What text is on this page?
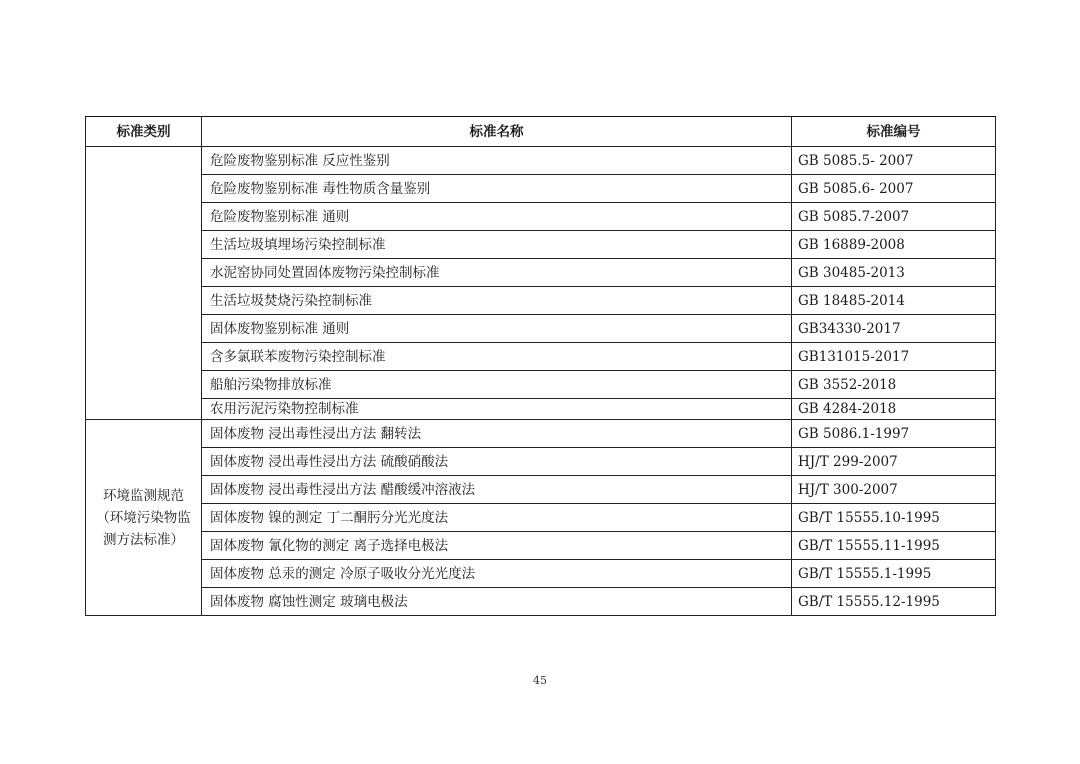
标准类别	标准名称	标准编号
	危险废物鉴别标准 反应性鉴别	GB 5085.5- 2007
	危险废物鉴别标准 毒性物质含量鉴别	GB 5085.6- 2007
	危险废物鉴别标准 通则	GB 5085.7-2007
	生活垃圾填埋场污染控制标准	GB 16889-2008
	水泥窑协同处置固体废物污染控制标准	GB 30485-2013
	生活垃圾焚烧污染控制标准	GB 18485-2014
	固体废物鉴别标准 通则	GB34330-2017
	含多氯联苯废物污染控制标准	GB131015-2017
	船舶污染物排放标准	GB 3552-2018
	农用污泥污染物控制标准	GB 4284-2018
环境监测规范（环境污染物监测方法标准）	固体废物 浸出毒性浸出方法 翻转法	GB 5086.1-1997
	固体废物 浸出毒性浸出方法 硫酸硝酸法	HJ/T 299-2007
	固体废物 浸出毒性浸出方法 醋酸缓冲溶液法	HJ/T 300-2007
	固体废物 镍的测定 丁二酮肟分光光度法	GB/T 15555.10-1995
	固体废物 氰化物的测定 离子选择电极法	GB/T 15555.11-1995
	固体废物 总汞的测定 冷原子吸收分光光度法	GB/T 15555.1-1995
	固体废物 腐蚀性测定 玻璃电极法	GB/T 15555.12-1995
45
